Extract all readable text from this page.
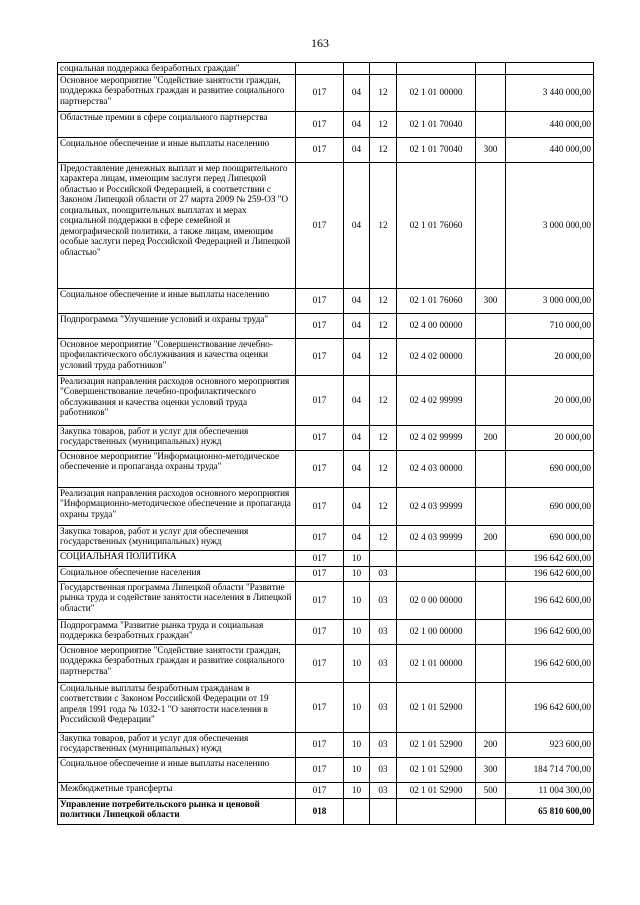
163
социальная поддержка безработных граждан"						
Основное мероприятие "Содействие занятости граждан, поддержка безработных граждан и развитие социального партнерства"	017	04	12	02 1 01 00000		3 440 000,00
Областные премии в сфере социального партнерства	017	04	12	02 1 01 70040		440 000,00
Социальное обеспечение и иные выплаты населению	017	04	12	02 1 01 70040	300	440 000,00
Предоставление денежных выплат и мер поощрительного характера лицам, имеющим заслуги перед Липецкой областью и Российской Федерацией, в соответствии с Законом Липецкой области от 27 марта 2009 № 259-ОЗ "О социальных, поощрительных выплатах и мерах социальной поддержки в сфере семейной и демографической политики, а также лицам, имеющим особые заслуги перед Российской Федерацией и Липецкой областью"	017	04	12	02 1 01 76060		3 000 000,00
Социальное обеспечение и иные выплаты населению	017	04	12	02 1 01 76060	300	3 000 000,00
Подпрограмма "Улучшение условий и охраны труда"	017	04	12	02 4 00 00000		710 000,00
Основное мероприятие "Совершенствование лечебно-профилактического обслуживания и качества оценки условий труда работников"	017	04	12	02 4 02 00000		20 000,00
Реализация направления расходов основного мероприятия "Совершенствование лечебно-профилактического обслуживания и качества оценки условий труда работников"	017	04	12	02 4 02 99999		20 000,00
Закупка товаров, работ и услуг для обеспечения государственных (муниципальных) нужд	017	04	12	02 4 02 99999	200	20 000,00
Основное мероприятие "Информационно-методическое обеспечение и пропаганда охраны труда"	017	04	12	02 4 03 00000		690 000,00
Реализация направления расходов основного мероприятия "Информационно-методическое обеспечение и пропаганда охраны труда"	017	04	12	02 4 03 99999		690 000,00
Закупка товаров, работ и услуг для обеспечения государственных (муниципальных) нужд	017	04	12	02 4 03 99999	200	690 000,00
СОЦИАЛЬНАЯ ПОЛИТИКА	017	10				196 642 600,00
Социальное обеспечение населения	017	10	03			196 642 600,00
Государственная программа Липецкой области "Развитие рынка труда и содействие занятости населения в Липецкой области"	017	10	03	02 0 00 00000		196 642 600,00
Подпрограмма "Развитие рынка труда и социальная поддержка безработных граждан"	017	10	03	02 1 00 00000		196 642 600,00
Основное мероприятие "Содействие занятости граждан, поддержка безработных граждан и развитие социального партнерства"	017	10	03	02 1 01 00000		196 642 600,00
Социальные выплаты безработным гражданам в соответствии с Законом Российской Федерации от 19 апреля 1991 года № 1032-1 "О занятости населения в Российской Федерации"	017	10	03	02 1 01 52900		196 642 600,00
Закупка товаров, работ и услуг для обеспечения государственных (муниципальных) нужд	017	10	03	02 1 01 52900	200	923 600,00
Социальное обеспечение и иные выплаты населению	017	10	03	02 1 01 52900	300	184 714 700,00
Межбюджетные трансферты	017	10	03	02 1 01 52900	500	11 004 300,00
Управление потребительского рынка и ценовой политики Липецкой области	018					65 810 600,00
